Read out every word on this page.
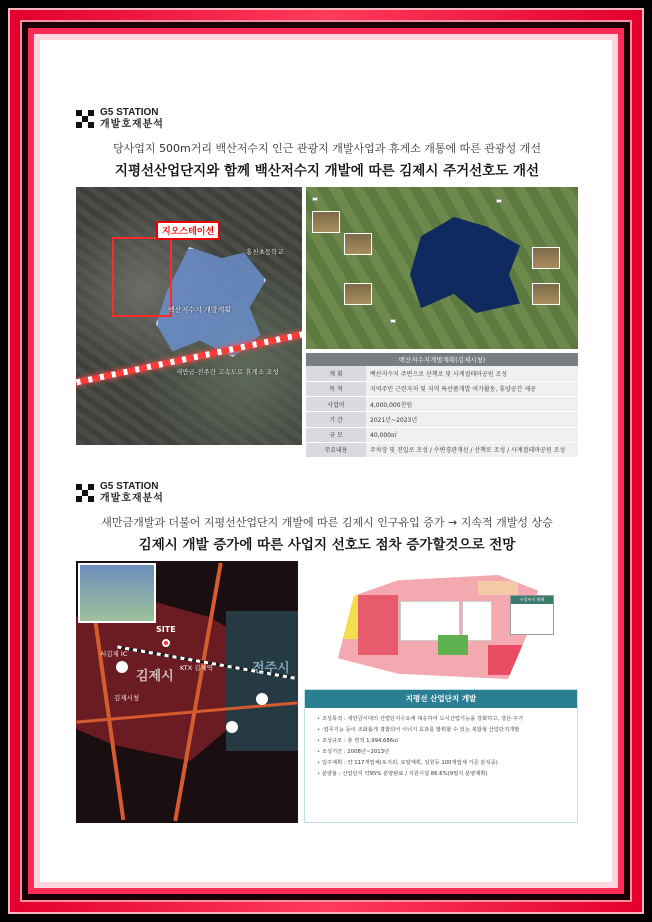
G5 STATION
개발호재분석
당사업지 500m거리 백산저수지 인근 관광지 개발사업과 휴게소 개통에 따른 관광성 개선
지평선산업단지와 함께 백산저수지 개발에 따른 김제시 주거선호도 개선
지오스테이션
홍천초등학교
백산저수지 개발계획
새만금-전주간 고속도로 휴게소 조성
백산저수지개발계획(김제시청)
계 획	백산저수지 주변으로 산책로 및 사계절테마공원 조성
목 적	지역주민 근린자저 및 지역 특산품개발 여가활동, 휴양공간 제공
사업비	4,000,000천원
기 간	2021년~2023년
규 모	40,000㎡
주요내용	주차장 및 진입로 조성 / 수변경관개선 / 산책로 조성 / 사계절테마공원 조성
G5 STATION
개발호재분석
새만금개발과 더불어 지평선산업단지 개발에 따른 김제시 인구유입 증가 → 지속적 개발성 상승
김제시 개발 증가에 따른 사업지 선호도 점차 증가할것으로 전망
SITE
김제시
전주시
KTX 김제역
서김제 IC
김제시청
사업부지 범례
지평선 산업단지 개발
• 조성목적 : 새만금시대의 산업단지수요에 대응하여 도시산업기능을 강화하고, 생산·주거
• ·업무기능 등이 조화롭게 결합되어 시너지 효과를 발휘할 수 있는 복합형 산업단지개발
• 조성규모 : 총 면적 1,994,686㎡
• 조성기간 : 2008년~2013년
• 입주계획 : 약 117개업체(토지외, 로얄계획, 일원등 100개업체 기준 분석중)
• 분양율 : 산업단지 약95% 분양완료 / 지원시설 86.6%(9필지 분양계획)
